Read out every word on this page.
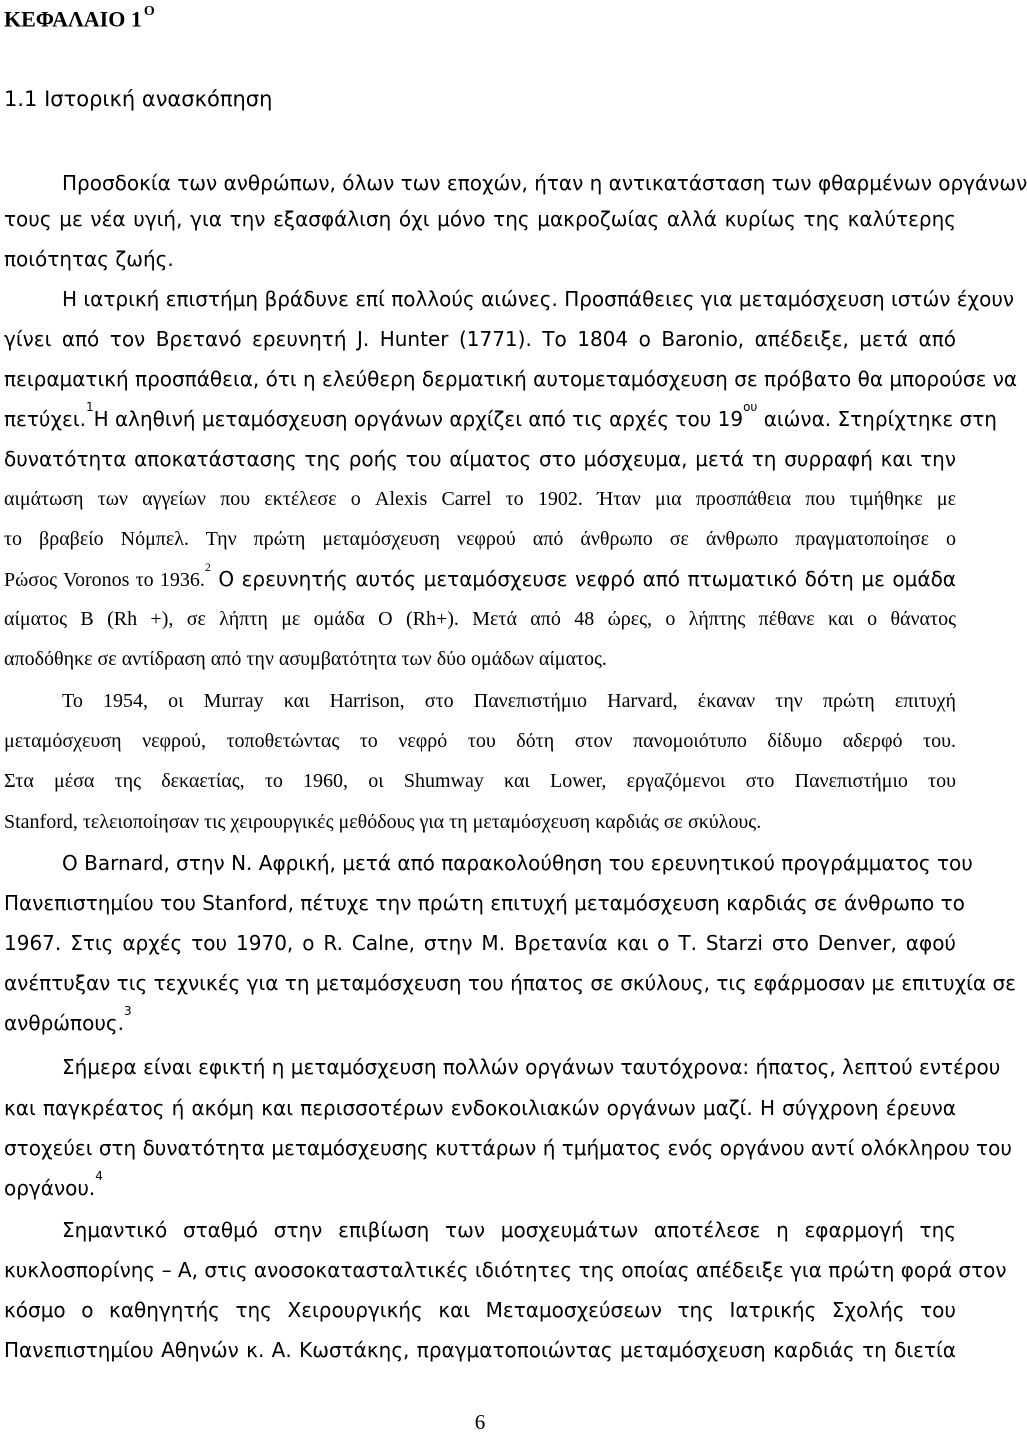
ΚΕΦΑΛΑΙΟ 1 $^O$
1.1 Ιστορική ανασκόπηση
Προσδοκία των ανθρώπων, όλων των εποχών, ήταν η αντικατάσταση των φθαρμένων οργάνων
τους με νέα υγιή, για την εξασφάλιση όχι μόνο της μακροζωίας αλλά κυρίως της καλύτερης
ποιότητας ζωής.
Η ιατρική επιστήμη βράδυνε επί πολλούς αιώνες. Προσπάθειες για μεταμόσχευση ιστών έχουν
γίνει από τον Βρετανό ερευνητή J. Hunter (1771). Το 1804 ο Baronio, απέδειξε, μετά από
πειραματική προσπάθεια, ότι η ελεύθερη δερματική αυτομεταμόσχευση σε πρόβατο θα μπορούσε να
πετύχει.$^1$Η αληθινή μεταμόσχευση οργάνων αρχίζει από τις αρχές του $19^{o\upsilon}$ αιώνα. Στηρίχτηκε στη
δυνατότητα αποκατάστασης της ροής του αίματος στο μόσχευμα, μετά τη συρραφή και την
αιμάτωση των αγγείων που εκτέλεσε ο Alexis Carrel το 1902. Ήταν μια προσπάθεια που τιμήθηκε με
το βραβείο Νόμπελ. Την πρώτη μεταμόσχευση νεφρού από άνθρωπο σε άνθρωπο πραγματοποίησε ο
Ρώσος Voronos το 1936.$^2$ Ο ερευνητής αυτός μεταμόσχευσε νεφρό από πτωματικό δότη με ομάδα
αίματος Β (Rh +), σε λήπτη με ομάδα Ο (Rh+). Μετά από 48 ώρες, ο λήπτης πέθανε και ο θάνατος
αποδόθηκε σε αντίδραση από την ασυμβατότητα των δύο ομάδων αίματος.
Το 1954, οι Murray και Harrison, στο Πανεπιστήμιο Harvard, έκαναν την πρώτη επιτυχή
μεταμόσχευση νεφρού, τοποθετώντας το νεφρό του δότη στον πανομοιότυπο δίδυμο αδερφό του.
Στα μέσα της δεκαετίας, το 1960, οι Shumway και Lower, εργαζόμενοι στο Πανεπιστήμιο του
Stanford, τελειοποίησαν τις χειρουργικές μεθόδους για τη μεταμόσχευση καρδιάς σε σκύλους.
Ο Barnard, στην Ν. Αφρική, μετά από παρακολούθηση του ερευνητικού προγράμματος του
Πανεπιστημίου του Stanford, πέτυχε την πρώτη επιτυχή μεταμόσχευση καρδιάς σε άνθρωπο το
1967. Στις αρχές του 1970, ο R. Calne, στην Μ. Βρετανία και ο Τ. Starzi στο Denver, αφού
ανέπτυξαν τις τεχνικές για τη μεταμόσχευση του ήπατος σε σκύλους, τις εφάρμοσαν με επιτυχία σε
ανθρώπους.$^3$
Σήμερα είναι εφικτή η μεταμόσχευση πολλών οργάνων ταυτόχρονα: ήπατος, λεπτού εντέρου
και παγκρέατος ή ακόμη και περισσοτέρων ενδοκοιλιακών οργάνων μαζί. Η σύγχρονη έρευνα
στοχεύει στη δυνατότητα μεταμόσχευσης κυττάρων ή τμήματος ενός οργάνου αντί ολόκληρου του
οργάνου.$^4$
Σημαντικό σταθμό στην επιβίωση των μοσχευμάτων αποτέλεσε η εφαρμογή της
κυκλοσπορίνης – Α, στις ανοσοκατασταλτικές ιδιότητες της οποίας απέδειξε για πρώτη φορά στον
κόσμο ο καθηγητής της Χειρουργικής και Μεταμοσχεύσεων της Ιατρικής Σχολής του
Πανεπιστημίου Αθηνών κ. Α. Κωστάκης, πραγματοποιώντας μεταμόσχευση καρδιάς τη διετία
6
